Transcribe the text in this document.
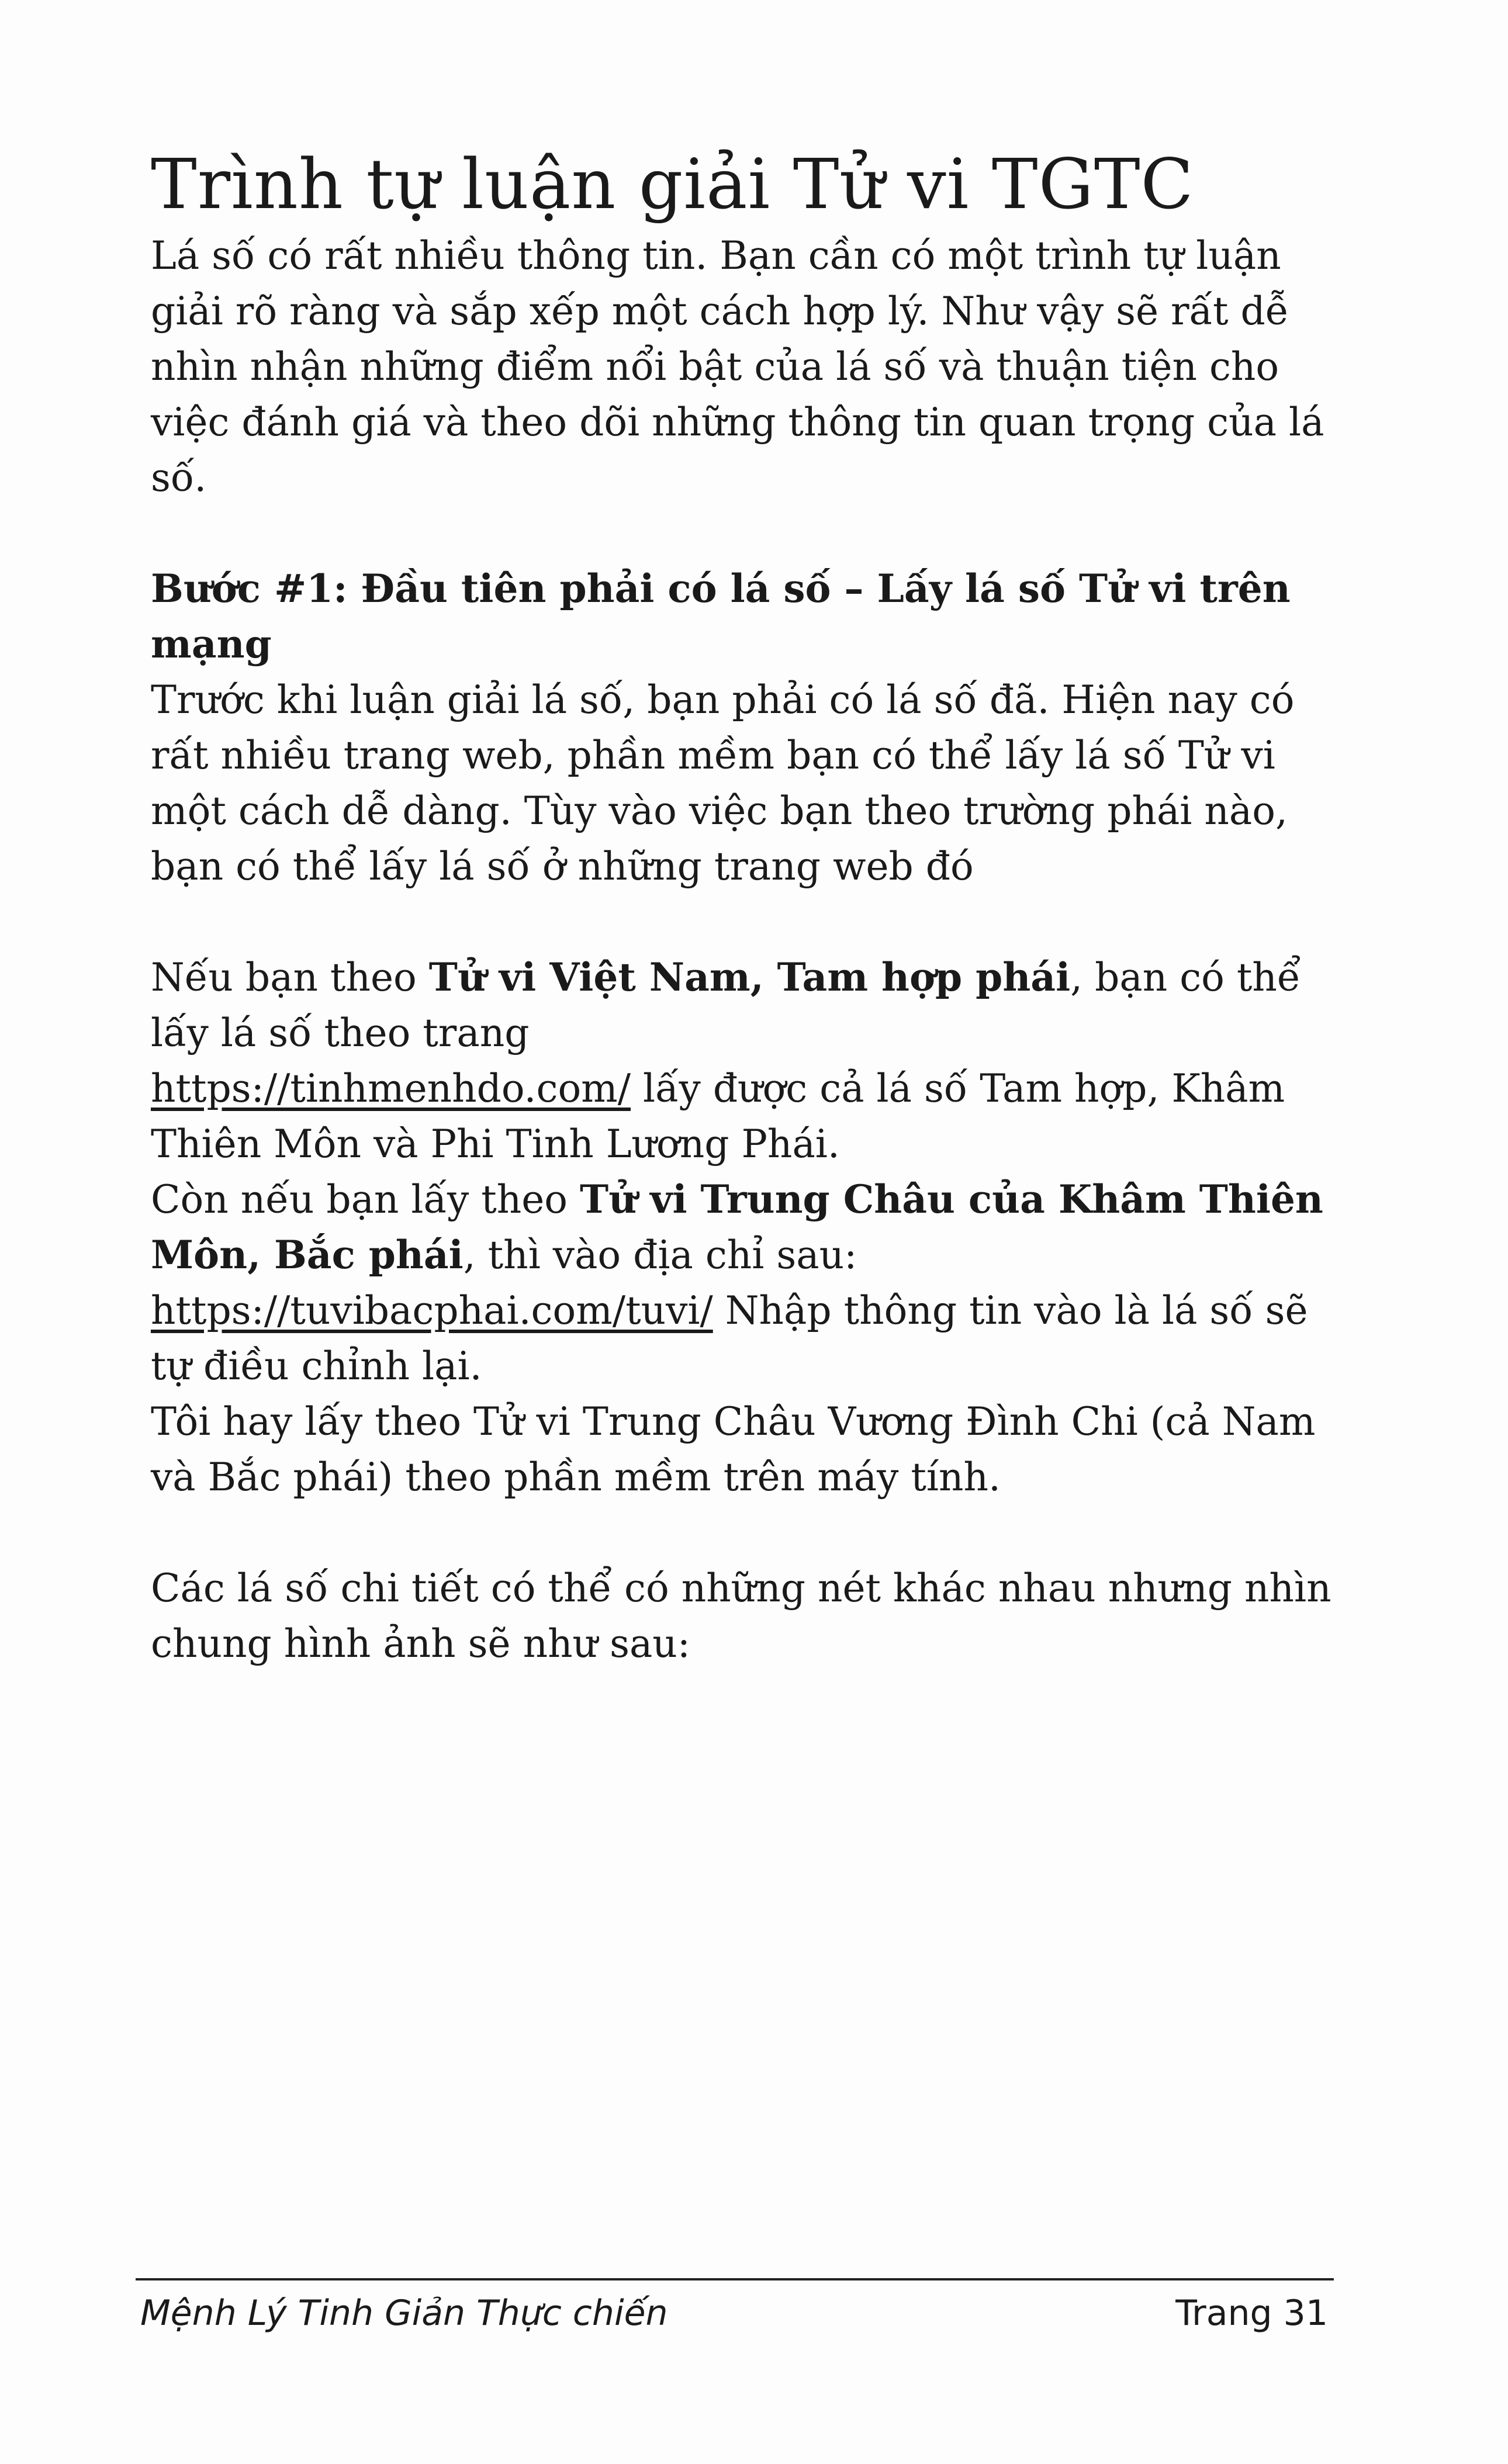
Trình tự luận giải Tử vi TGTC

Lá số có rất nhiều thông tin. Bạn cần có một trình tự luận giải rõ ràng và sắp xếp một cách hợp lý. Như vậy sẽ rất dễ nhìn nhận những điểm nổi bật của lá số và thuận tiện cho việc đánh giá và theo dõi những thông tin quan trọng của lá số.

Bước #1: Đầu tiên phải có lá số – Lấy lá số Tử vi trên mạng

Trước khi luận giải lá số, bạn phải có lá số đã. Hiện nay có rất nhiều trang web, phần mềm bạn có thể lấy lá số Tử vi một cách dễ dàng. Tùy vào việc bạn theo trường phái nào, bạn có thể lấy lá số ở những trang web đó

Nếu bạn theo Tử vi Việt Nam, Tam hợp phái, bạn có thể lấy lá số theo trang
https://tinhmenhdo.com/ lấy được cả lá số Tam hợp, Khâm Thiên Môn và Phi Tinh Lương Phái.

Còn nếu bạn lấy theo Tử vi Trung Châu của Khâm Thiên Môn, Bắc phái, thì vào địa chỉ sau:
https://tuvibacphai.com/tuvi/ Nhập thông tin vào là lá số sẽ tự điều chỉnh lại.

Tôi hay lấy theo Tử vi Trung Châu Vương Đình Chi (cả Nam và Bắc phái) theo phần mềm trên máy tính.

Các lá số chi tiết có thể có những nét khác nhau nhưng nhìn chung hình ảnh sẽ như sau:

Mệnh Lý Tinh Giản Thực chiến	Trang 31
